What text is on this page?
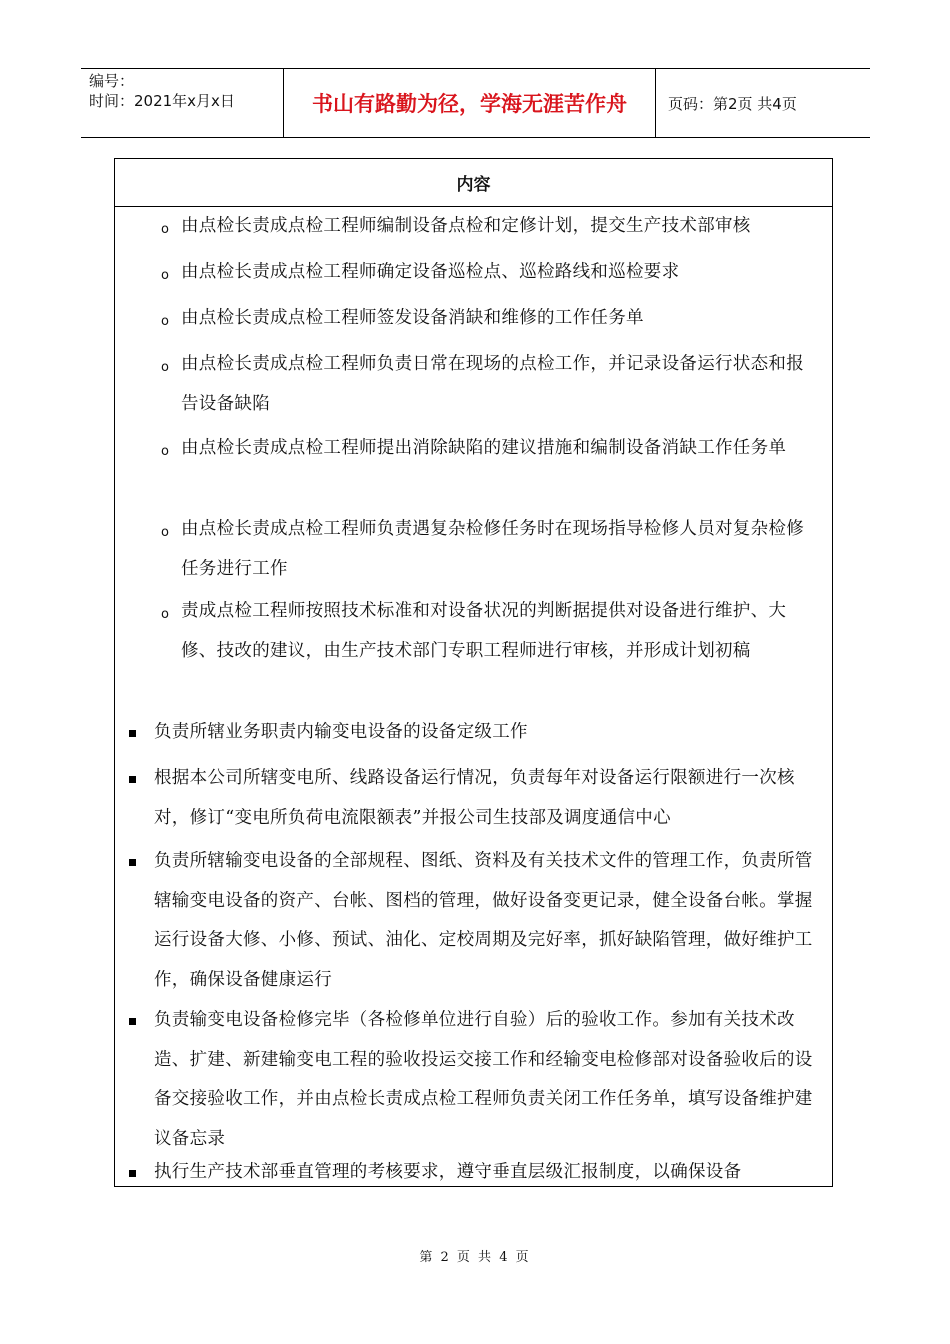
编号：
时间：2021年x月x日	书山有路勤为径，学海无涯苦作舟	页码：第2页 共4页
内容
o 由点检长责成点检工程师编制设备点检和定修计划，提交生产技术部审核
o 由点检长责成点检工程师确定设备巡检点、巡检路线和巡检要求
o 由点检长责成点检工程师签发设备消缺和维修的工作任务单
o 由点检长责成点检工程师负责日常在现场的点检工作，并记录设备运行状态和报告设备缺陷
o 由点检长责成点检工程师提出消除缺陷的建议措施和编制设备消缺工作任务单
o 由点检长责成点检工程师负责遇复杂检修任务时在现场指导检修人员对复杂检修任务进行工作
o 责成点检工程师按照技术标准和对设备状况的判断据提供对设备进行维护、大修、技改的建议，由生产技术部门专职工程师进行审核，并形成计划初稿
负责所辖业务职责内输变电设备的设备定级工作
根据本公司所辖变电所、线路设备运行情况，负责每年对设备运行限额进行一次核对，修订“变电所负荷电流限额表”并报公司生技部及调度通信中心
负责所辖输变电设备的全部规程、图纸、资料及有关技术文件的管理工作，负责所管辖输变电设备的资产、台帐、图档的管理，做好设备变更记录，健全设备台帐。掌握运行设备大修、小修、预试、油化、定校周期及完好率，抓好缺陷管理，做好维护工作，确保设备健康运行
负责输变电设备检修完毕（各检修单位进行自验）后的验收工作。参加有关技术改造、扩建、新建输变电工程的验收投运交接工作和经输变电检修部对设备验收后的设备交接验收工作，并由点检长责成点检工程师负责关闭工作任务单，填写设备维护建议备忘录
执行生产技术部垂直管理的考核要求，遵守垂直层级汇报制度，以确保设备
第 2 页 共 4 页
